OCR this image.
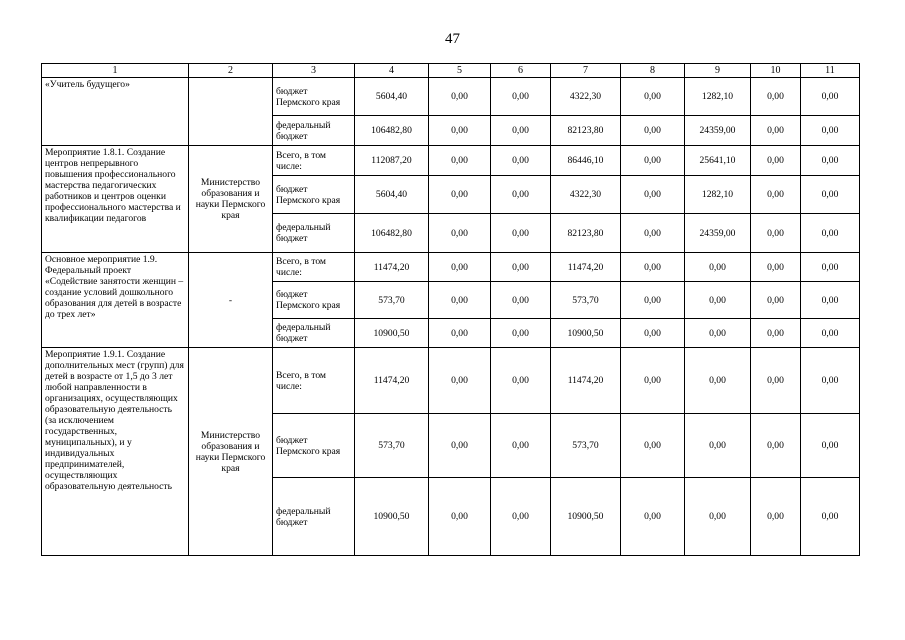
47
1	2	3	4	5	6	7	8	9	10	11
«Учитель будущего»		бюджет Пермского края	5604,40	0,00	0,00	4322,30	0,00	1282,10	0,00	0,00
		федеральный бюджет	106482,80	0,00	0,00	82123,80	0,00	24359,00	0,00	0,00
Мероприятие 1.8.1. Создание центров непрерывного повышения профессионального мастерства педагогических работников и центров оценки профессионального мастерства и квалификации педагогов	Министерство образования и науки Пермского края	Всего, в том числе:	112087,20	0,00	0,00	86446,10	0,00	25641,10	0,00	0,00
		бюджет Пермского края	5604,40	0,00	0,00	4322,30	0,00	1282,10	0,00	0,00
		федеральный бюджет	106482,80	0,00	0,00	82123,80	0,00	24359,00	0,00	0,00
Основное мероприятие 1.9. Федеральный проект «Содействие занятости женщин – создание условий дошкольного образования для детей в возрасте до трех лет»	-	Всего, в том числе:	11474,20	0,00	0,00	11474,20	0,00	0,00	0,00	0,00
		бюджет Пермского края	573,70	0,00	0,00	573,70	0,00	0,00	0,00	0,00
		федеральный бюджет	10900,50	0,00	0,00	10900,50	0,00	0,00	0,00	0,00
Мероприятие 1.9.1. Создание дополнительных мест (групп) для детей в возрасте от 1,5 до 3 лет любой направленности в организациях, осуществляющих образовательную деятельность (за исключением государственных, муниципальных), и у индивидуальных предпринимателей, осуществляющих образовательную деятельность	Министерство образования и науки Пермского края	Всего, в том числе:	11474,20	0,00	0,00	11474,20	0,00	0,00	0,00	0,00
		бюджет Пермского края	573,70	0,00	0,00	573,70	0,00	0,00	0,00	0,00
		федеральный бюджет	10900,50	0,00	0,00	10900,50	0,00	0,00	0,00	0,00
